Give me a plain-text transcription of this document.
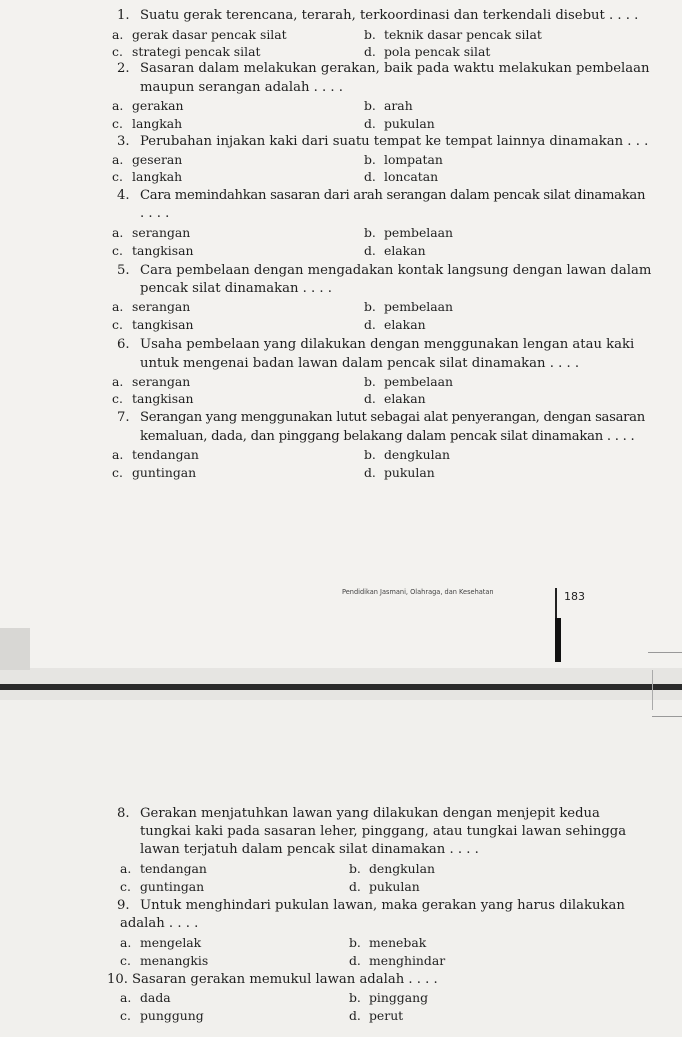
1. Suatu gerak terencana, terarah, terkoordinasi dan terkendali disebut . . . .
a. gerak dasar pencak silat	b. teknik dasar pencak silat
c. strategi pencak silat	d. pola pencak silat
2. Sasaran dalam melakukan gerakan, baik pada waktu melakukan pembelaan
maupun serangan adalah . . . .
a. gerakan	b. arah
c. langkah	d. pukulan
3. Perubahan injakan kaki dari suatu tempat ke tempat lainnya dinamakan . . .
a. geseran	b. lompatan
c. langkah	d. loncatan
4. Cara memindahkan sasaran dari arah serangan dalam pencak silat dinamakan
. . . .
a. serangan	b. pembelaan
c. tangkisan	d. elakan
5. Cara pembelaan dengan mengadakan kontak langsung dengan lawan dalam
pencak silat dinamakan . . . .
a. serangan	b. pembelaan
c. tangkisan	d. elakan
6. Usaha pembelaan yang dilakukan dengan menggunakan lengan atau kaki
untuk mengenai badan lawan dalam pencak silat dinamakan . . . .
a. serangan	b. pembelaan
c. tangkisan	d. elakan
7. Serangan yang menggunakan lutut sebagai alat penyerangan, dengan sasaran
kemaluan, dada, dan pinggang belakang dalam pencak silat dinamakan . . . .
a. tendangan	b. dengkulan
c. guntingan	d. pukulan
Pendidikan Jasmani, Olahraga, dan Kesehatan	183
8. Gerakan menjatuhkan lawan yang dilakukan dengan menjepit kedua
tungkai kaki pada sasaran leher, pinggang, atau tungkai lawan sehingga
lawan terjatuh dalam pencak silat dinamakan . . . .
a. tendangan	b. dengkulan
c. guntingan	d. pukulan
9. Untuk menghindari pukulan lawan, maka gerakan yang harus dilakukan
adalah . . . .
a. mengelak	b. menebak
c. menangkis	d. menghindar
10. Sasaran gerakan memukul lawan adalah . . . .
a. dada	b. pinggang
c. punggung	d. perut
